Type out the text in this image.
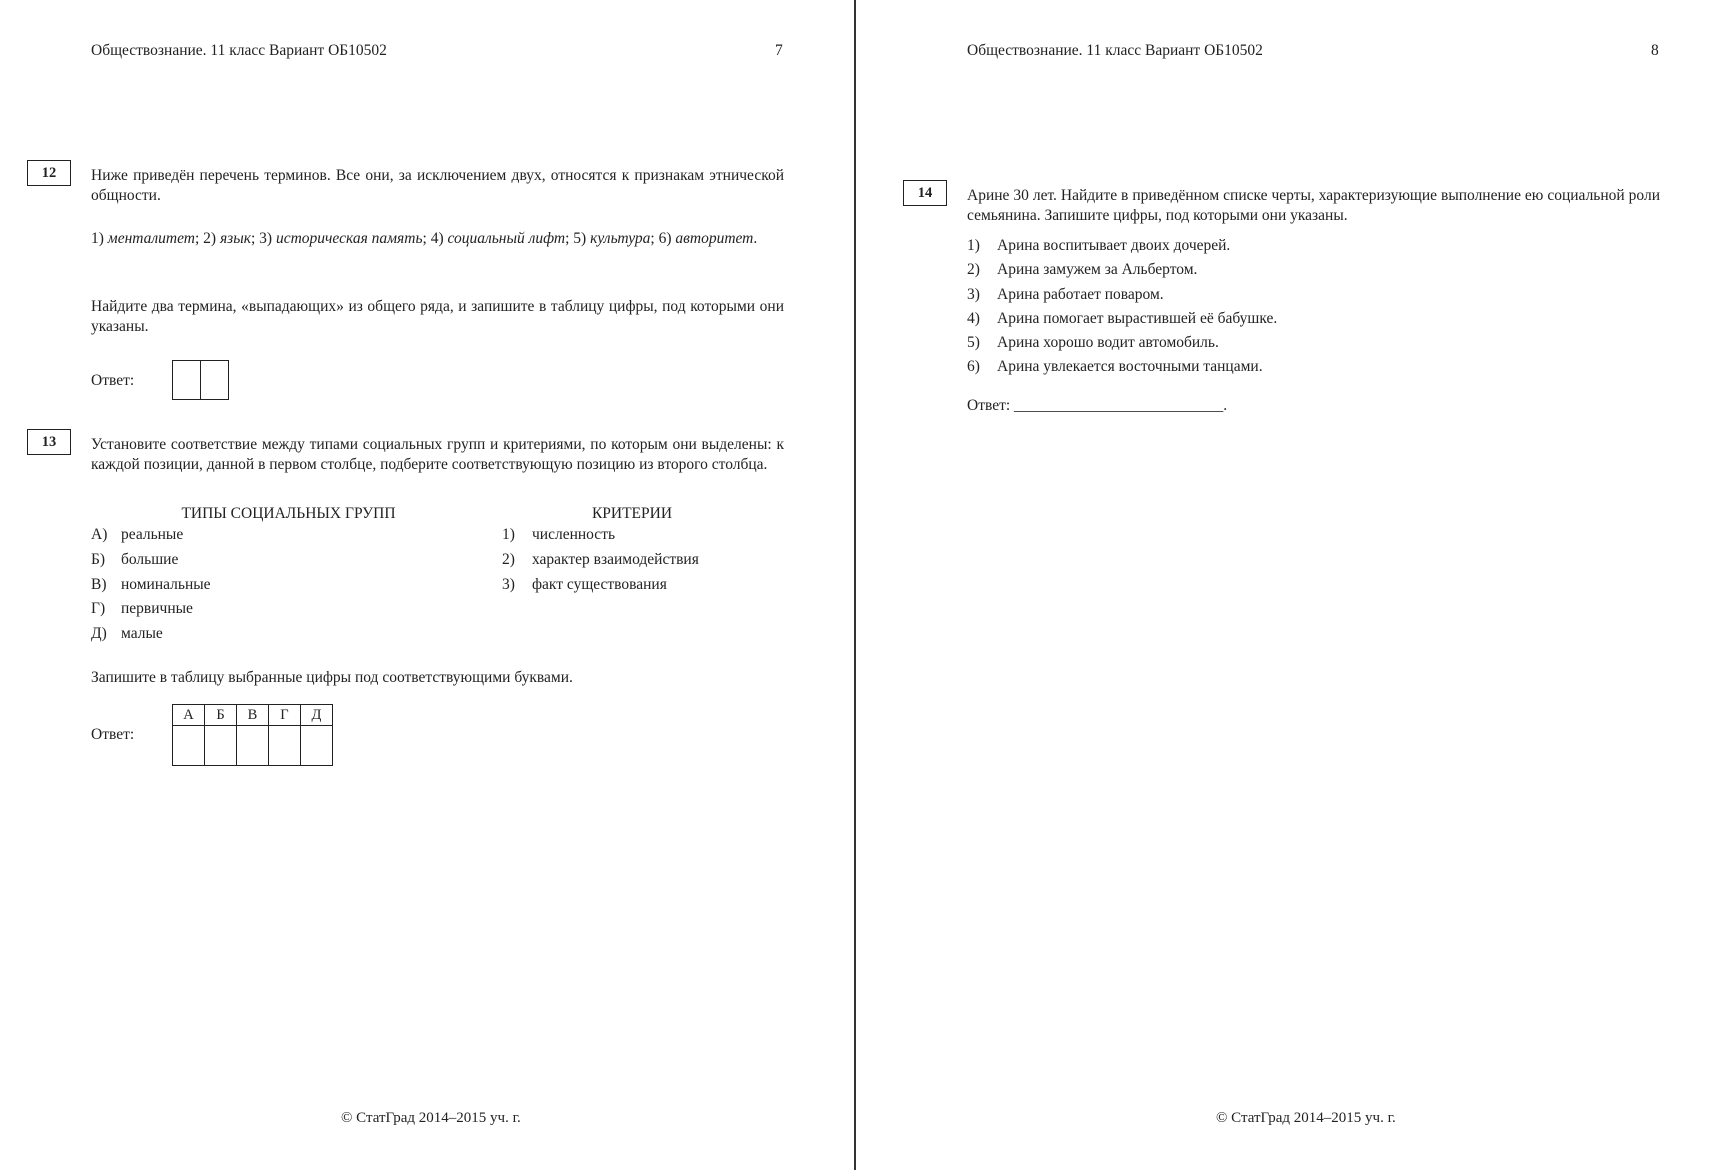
Обществознание. 11 класс Вариант ОБ10502	7
12	Ниже приведён перечень терминов. Все они, за исключением двух, относятся к признакам этнической общности.
1) менталитет; 2) язык; 3) историческая память; 4) социальный лифт; 5) культура; 6) авторитет.
Найдите два термина, «выпадающих» из общего ряда, и запишите в таблицу цифры, под которыми они указаны.
Ответ:

13	Установите соответствие между типами социальных групп и критериями, по которым они выделены: к каждой позиции, данной в первом столбце, подберите соответствующую позицию из второго столбца.
ТИПЫ СОЦИАЛЬНЫХ ГРУПП	КРИТЕРИИ
А) реальные
Б) большие
В) номинальные
Г) первичные
Д) малые
1) численность
2) характер взаимодействия
3) факт существования
Запишите в таблицу выбранные цифры под соответствующими буквами.
Ответ:
А	Б	В	Г	Д

© СтатГрад 2014–2015 уч. г.
Обществознание. 11 класс Вариант ОБ10502	8
14	Арине 30 лет. Найдите в приведённом списке черты, характеризующие выполнение ею социальной роли семьянина. Запишите цифры, под которыми они указаны.
1) Арина воспитывает двоих дочерей.
2) Арина замужем за Альбертом.
3) Арина работает поваром.
4) Арина помогает вырастившей её бабушке.
5) Арина хорошо водит автомобиль.
6) Арина увлекается восточными танцами.
Ответ: ___________________________.
© СтатГрад 2014–2015 уч. г.
